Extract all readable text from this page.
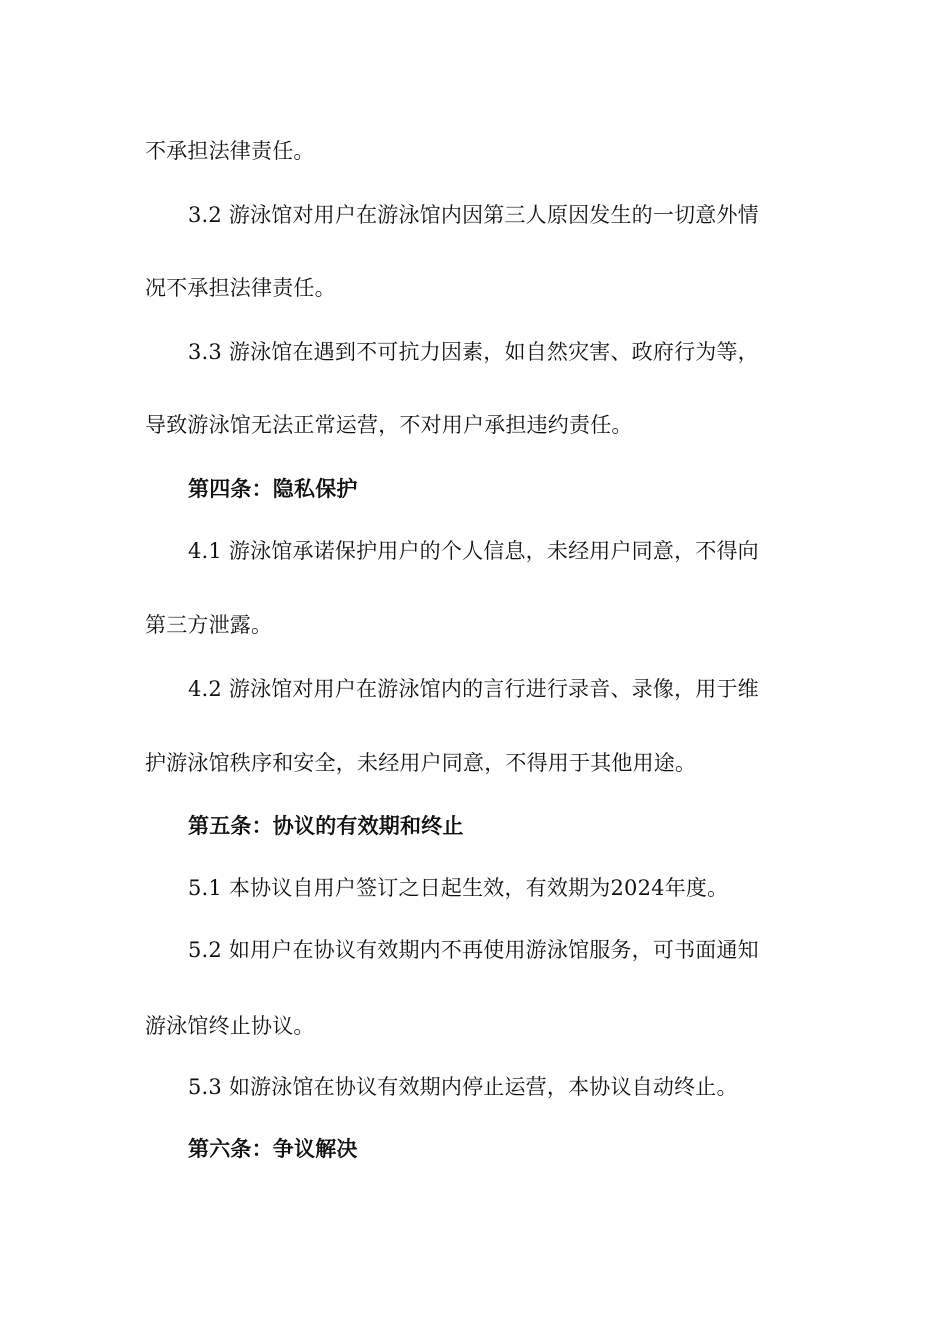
不承担法律责任。
3.2 游泳馆对用户在游泳馆内因第三人原因发生的一切意外情
况不承担法律责任。
3.3 游泳馆在遇到不可抗力因素，如自然灾害、政府行为等，
导致游泳馆无法正常运营，不对用户承担违约责任。
第四条：隐私保护
4.1 游泳馆承诺保护用户的个人信息，未经用户同意，不得向
第三方泄露。
4.2 游泳馆对用户在游泳馆内的言行进行录音、录像，用于维
护游泳馆秩序和安全，未经用户同意，不得用于其他用途。
第五条：协议的有效期和终止
5.1 本协议自用户签订之日起生效，有效期为2024年度。
5.2 如用户在协议有效期内不再使用游泳馆服务，可书面通知
游泳馆终止协议。
5.3 如游泳馆在协议有效期内停止运营，本协议自动终止。
第六条：争议解决
